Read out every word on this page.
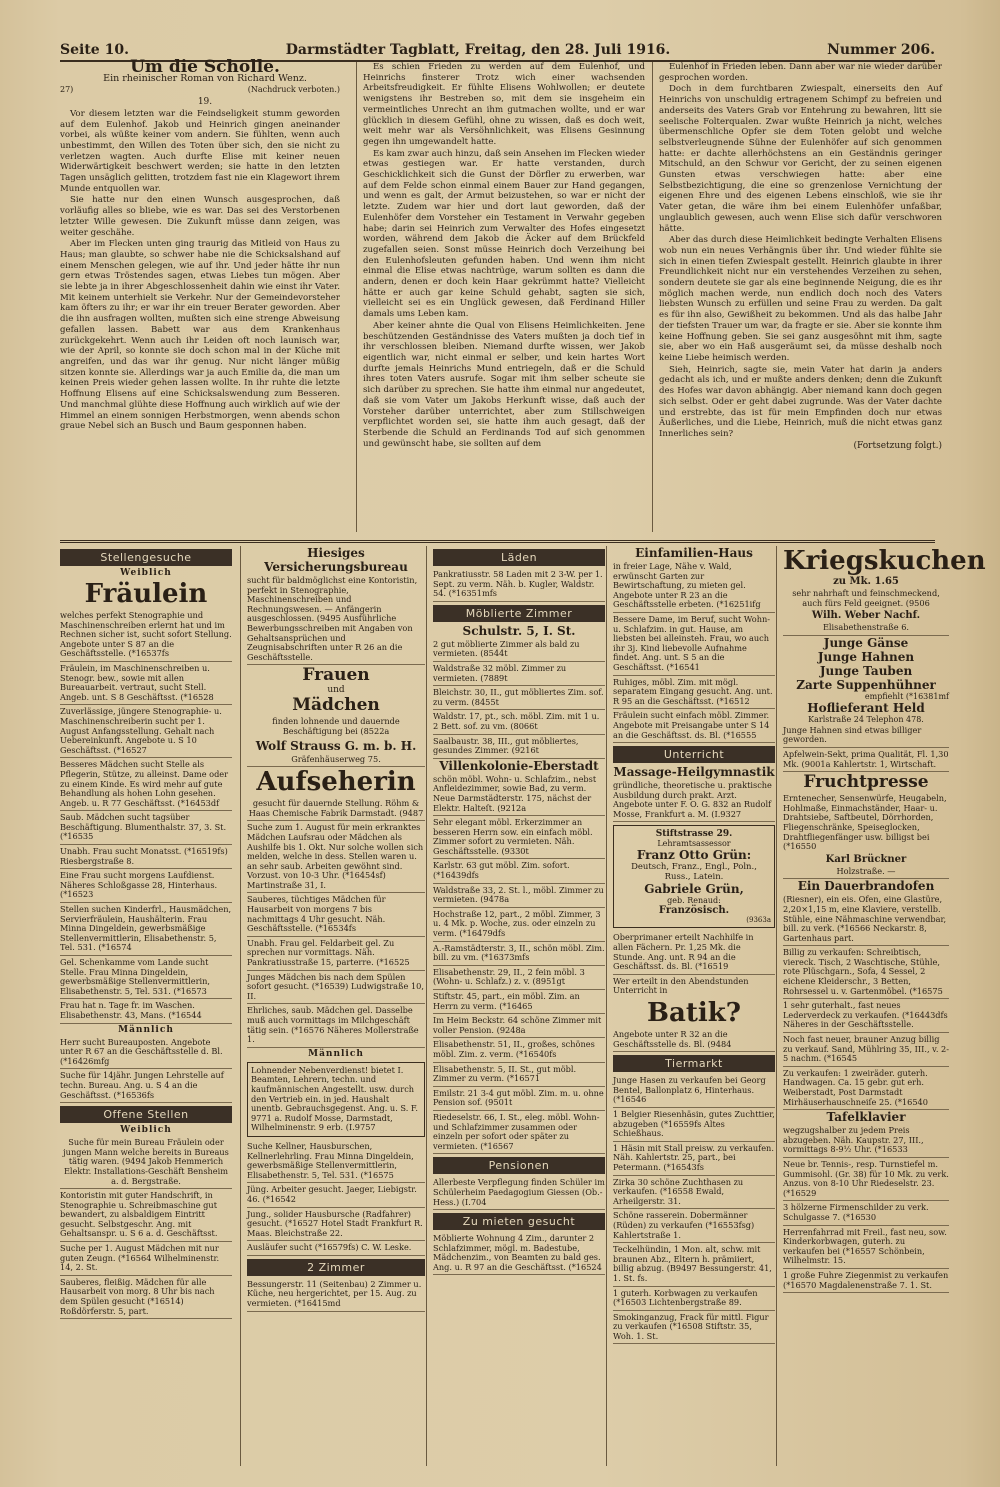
Seite 10.	Darmstädter Tagblatt, Freitag, den 28. Juli 1916.	Nummer 206.

Um die Scholle.

Ein rheinischer Roman von Richard Wenz.

27)	(Nachdruck verboten.)

19.

Vor diesem letzten war die Feindseligkeit stumm geworden auf dem Eulenhof. Jakob und Heinrich gingen aneinander vorbei, als wüßte keiner vom andern. Sie fühlten, wenn auch unbestimmt, den Willen des Toten über sich, den sie nicht zu verletzen wagten. Auch durfte Elise mit keiner neuen Widerwärtigkeit beschwert werden; sie hatte in den letzten Tagen unsäglich gelitten, trotzdem fast nie ein Klagewort ihrem Munde entquollen war.

Sie hatte nur den einen Wunsch ausgesprochen, daß vorläufig alles so bliebe, wie es war. Das sei des Verstorbenen letzter Wille gewesen. Die Zukunft müsse dann zeigen, was weiter geschähe.

Aber im Flecken unten ging traurig das Mitleid von Haus zu Haus; man glaubte, so schwer habe nie die Schicksalshand auf einem Menschen gelegen, wie auf ihr. Und jeder hätte ihr nun gern etwas Tröstendes sagen, etwas Liebes tun mögen. Aber sie lebte ja in ihrer Abgeschlossenheit dahin wie einst ihr Vater. Mit keinem unterhielt sie Verkehr. Nur der Gemeindevorsteher kam öfters zu ihr; er war ihr ein treuer Berater geworden. Aber die ihn ausfragen wollten, mußten sich eine strenge Abweisung gefallen lassen. Babett war aus dem Krankenhaus zurückgekehrt. Wenn auch ihr Leiden oft noch launisch war, wie der April, so konnte sie doch schon mal in der Küche mit angreifen, und das war ihr genug. Nur nicht länger müßig sitzen konnte sie. Allerdings war ja auch Emilie da, die man um keinen Preis wieder gehen lassen wollte. In ihr ruhte die letzte Hoffnung Elisens auf eine Schicksalswendung zum Besseren. Und manchmal glühte diese Hoffnung auch wirklich auf wie der Himmel an einem sonnigen Herbstmorgen, wenn abends schon graue Nebel sich an Busch und Baum gesponnen haben.

Es schien Frieden zu werden auf dem Eulenhof, und Heinrichs finsterer Trotz wich einer wachsenden Arbeitsfreudigkeit. Er fühlte Elisens Wohlwollen; er deutete wenigstens ihr Bestreben so, mit dem sie insgeheim ein vermeintliches Unrecht an ihm gutmachen wollte, und er war glücklich in diesem Gefühl, ohne zu wissen, daß es doch weit, weit mehr war als Versöhnlichkeit, was Elisens Gesinnung gegen ihn umgewandelt hatte.

Es kam zwar auch hinzu, daß sein Ansehen im Flecken wieder etwas gestiegen war. Er hatte verstanden, durch Geschicklichkeit sich die Gunst der Dörfler zu erwerben, war auf dem Felde schon einmal einem Bauer zur Hand gegangen, und wenn es galt, der Armut beizustehen, so war er nicht der letzte. Zudem war hier und dort laut geworden, daß der Eulenhöfer dem Vorsteher ein Testament in Verwahr gegeben habe; darin sei Heinrich zum Verwalter des Hofes eingesetzt worden, während dem Jakob die Äcker auf dem Brückfeld zugefallen seien. Sonst müsse Heinrich doch Verzeihung bei den Eulenhofsleuten gefunden haben. Und wenn ihm nicht einmal die Elise etwas nachtrüge, warum sollten es dann die andern, denen er doch kein Haar gekrümmt hatte? Vielleicht hätte er auch gar keine Schuld gehabt, sagten sie sich, vielleicht sei es ein Unglück gewesen, daß Ferdinand Hiller damals ums Leben kam.

Aber keiner ahnte die Qual von Elisens Heimlichkeiten. Jene beschützenden Geständnisse des Vaters mußten ja doch tief in ihr verschlossen bleiben. Niemand durfte wissen, wer Jakob eigentlich war, nicht einmal er selber, und kein hartes Wort durfte jemals Heinrichs Mund entriegeln, daß er die Schuld ihres toten Vaters ausrufe. Sogar mit ihm selber scheute sie sich darüber zu sprechen. Sie hatte ihm einmal nur angedeutet, daß sie vom Vater um Jakobs Herkunft wisse, daß auch der Vorsteher darüber unterrichtet, aber zum Stillschweigen verpflichtet worden sei, sie hatte ihm auch gesagt, daß der Sterbende die Schuld an Ferdinands Tod auf sich genommen und gewünscht habe, sie sollten auf dem

Eulenhof in Frieden leben. Dann aber war nie wieder darüber gesprochen worden.

Doch in dem furchtbaren Zwiespalt, einerseits den Auf Heinrichs von unschuldig ertragenem Schimpf zu befreien und anderseits des Vaters Grab vor Entehrung zu bewahren, litt sie seelische Folterqualen. Zwar wußte Heinrich ja nicht, welches übermenschliche Opfer sie dem Toten gelobt und welche selbstverleugnende Sühne der Eulenhöfer auf sich genommen hatte: er dachte allerhöchstens an ein Geständnis geringer Mitschuld, an den Schwur vor Gericht, der zu seinen eigenen Gunsten etwas verschwiegen hatte: aber eine Selbstbezichtigung, die eine so grenzenlose Vernichtung der eigenen Ehre und des eigenen Lebens einschloß, wie sie ihr Vater getan, die wäre ihm bei einem Eulenhöfer unfaßbar, unglaublich gewesen, auch wenn Elise sich dafür verschworen hätte.

Aber das durch diese Heimlichkeit bedingte Verhalten Elisens wob nun ein neues Verhängnis über ihr. Und wieder fühlte sie sich in einen tiefen Zwiespalt gestellt. Heinrich glaubte in ihrer Freundlichkeit nicht nur ein verstehendes Verzeihen zu sehen, sondern deutete sie gar als eine beginnende Neigung, die es ihr möglich machen werde, nun endlich doch noch des Vaters liebsten Wunsch zu erfüllen und seine Frau zu werden. Da galt es für ihn also, Gewißheit zu bekommen. Und als das halbe Jahr der tiefsten Trauer um war, da fragte er sie. Aber sie konnte ihm keine Hoffnung geben. Sie sei ganz ausgesöhnt mit ihm, sagte sie, aber wo ein Haß ausgeräumt sei, da müsse deshalb noch keine Liebe heimisch werden.

Sieh, Heinrich, sagte sie, mein Vater hat darin ja anders gedacht als ich, und er mußte anders denken; denn die Zukunft des Hofes war davon abhängig. Aber niemand kann doch gegen sich selbst. Oder er geht dabei zugrunde. Was der Vater dachte und erstrebte, das ist für mein Empfinden doch nur etwas Äußerliches, und die Liebe, Heinrich, muß die nicht etwas ganz Innerliches sein?

(Fortsetzung folgt.)
Stellengesuche
Weiblich

Fräulein

welches perfekt Stenographie und Maschinenschreiben erlernt hat und im Rechnen sicher ist, sucht sofort Stellung. Angebote unter S 87 an die Geschäftsstelle. (*16537fs

Fräulein, im Maschinenschreiben u. Stenogr. bew., sowie mit allen Bureauarbeit. vertraut, sucht Stell. Angeb. unt. S 8 Geschäftsst. (*16528

Zuverlässige, jüngere Stenographie- u. Maschinenschreiberin sucht per 1. August Anfangsstellung. Gehalt nach Uebereinkunft. Angebote u. S 10 Geschäftsst. (*16527

Besseres Mädchen sucht Stelle als Pflegerin, Stütze, zu alleinst. Dame oder zu einem Kinde. Es wird mehr auf gute Behandlung als hohen Lohn gesehen. Angeb. u. R 77 Geschäftsst. (*16453df

Saub. Mädchen sucht tagsüber Beschäftigung. Blumenthalstr. 37, 3. St. (*16535

Unabh. Frau sucht Monatsst. (*16519fs) Riesbergstraße 8.

Eine Frau sucht morgens Laufdienst. Näheres Schloßgasse 28, Hinterhaus. (*16523

Stellen suchen Kinderfrl., Hausmädchen, Servierfräulein, Haushälterin. Frau Minna Dingeldein, gewerbsmäßige Stellenvermittlerin, Elisabethenstr. 5, Tel. 531. (*16574

Gel. Schenkamme vom Lande sucht Stelle. Frau Minna Dingeldein, gewerbsmäßige Stellenvermittlerin, Elisabethenstr. 5, Tel. 531. (*16573

Frau hat n. Tage fr. im Waschen. Elisabethenstr. 43, Mans. (*16544

Männlich

Herr sucht Bureauposten. Angebote unter R 67 an die Geschäftsstelle d. Bl. (*16426mfg

Suche für 14jähr. Jungen Lehrstelle auf techn. Bureau. Ang. u. S 4 an die Geschäftsst. (*16536fs

Offene Stellen
Weiblich

Suche für mein Bureau Fräulein oder jungen Mann welche bereits in Bureaus tätig waren. (9494 Jakob Hemmerich Elektr. Installations-Geschäft Bensheim a. d. Bergstraße.

Kontoristin mit guter Handschrift, in Stenographie u. Schreibmaschine gut bewandert, zu alsbaldigem Eintritt gesucht. Selbstgeschr. Ang. mit Gehaltsanspr. u. S 6 a. d. Geschäftsst.

Suche per 1. August Mädchen mit nur guten Zeugn. (*16564 Wilhelminenstr. 14, 2. St.

Sauberes, fleißig. Mädchen für alle Hausarbeit von morg. 8 Uhr bis nach dem Spülen gesucht (*16514) Roßdörferstr. 5, part.

Hiesiges Versicherungsbureau

sucht für baldmöglichst eine Kontoristin, perfekt in Stenographie, Maschinenschreiben und Rechnungswesen. — Anfängerin ausgeschlossen. (9495 Ausführliche Bewerbungsschreiben mit Angaben von Gehaltsansprüchen und Zeugnisabschriften unter R 26 an die Geschäftsstelle.

Frauen

und

Mädchen

finden lohnende und dauernde Beschäftigung bei (8522a

Wolf Strauss G. m. b. H.

Gräfenhäuserweg 75.

Aufseherin

gesucht für dauernde Stellung. Röhm & Haas Chemische Fabrik Darmstadt. (9487

Suche zum 1. August für mein erkranktes Mädchen Laufsrau oder Mädchen als Aushilfe bis 1. Okt. Nur solche wollen sich melden, welche in dess. Stellen waren u. an sehr saub. Arbeiten gewöhnt sind. Vorzust. von 10-3 Uhr. (*16454sf) Martinstraße 31, I.

Sauberes, tüchtiges Mädchen für Hausarbeit von morgens 7 bis nachmittags 4 Uhr gesucht. Näh. Geschäftsstelle. (*16534fs

Unabh. Frau gel. Feldarbeit gel. Zu sprechen nur vormittags. Näh. Pankratiusstraße 15, parterre. (*16525

Junges Mädchen bis nach dem Spülen sofort gesucht. (*16539) Ludwigstraße 10, II.

Ehrliches, saub. Mädchen gel. Dasselbe muß auch vormittags im Milchgeschäft tätig sein. (*16576 Näheres Mollerstraße 1.

Männlich
Lohnender Nebenverdienst! bietet I. Beamten, Lehrern, techn. und kaufmännischen Angestellt. usw. durch den Vertrieb ein. in jed. Haushalt unentb. Gebrauchsgegenst. Ang. u. S. F. 9771 a. Rudolf Mosse, Darmstadt, Wilhelminenstr. 9 erb. (I.9757

Suche Kellner, Hausburschen, Kellnerlehrling. Frau Minna Dingeldein, gewerbsmäßige Stellenvermittlerin, Elisabethenstr. 5, Tel. 531. (*16575

Jüng. Arbeiter gesucht. Jaeger, Liebigstr. 46. (*16542

Jung., solider Hausbursche (Radfahrer) gesucht. (*16527 Hotel Stadt Frankfurt R. Maas. Bleichstraße 22.

Ausläufer sucht (*16579fs) C. W. Leske.

2 Zimmer

Bessungerstr. 11 (Seitenbau) 2 Zimmer u. Küche, neu hergerichtet, per 15. Aug. zu vermieten. (*16415md

Läden

Pankratiusstr. 58 Laden mit 2 3-W. per 1. Sept. zu verm. Näh. b. Kugler, Waldstr. 54. (*16351mfs

Möblierte Zimmer

Schulstr. 5, I. St.

2 gut möblierte Zimmer als bald zu vermieten. (8544t

Waldstraße 32 möbl. Zimmer zu vermieten. (7889t

Bleichstr. 30, II., gut möbliertes Zim. sof. zu verm. (8455t

Waldstr. 17, pt., sch. möbl. Zim. mit 1 u. 2 Bett. sof. zu vm. (8066t

Saalbaustr. 38, III., gut möbliertes, gesundes Zimmer. (9216t

Villenkolonie-Eberstadt

schön möbl. Wohn- u. Schlafzim., nebst Anfleidezimmer, sowie Bad, zu verm. Neue Darmstädterstr. 175, nächst der Elektr. Halteſt. (9212a

Sehr elegant möbl. Erkerzimmer an besseren Herrn sow. ein einfach möbl. Zimmer sofort zu vermieten. Näh. Geschäftsstelle. (9330t

Karlstr. 63 gut möbl. Zim. sofort. (*16439dfs

Waldstraße 33, 2. St. l., möbl. Zimmer zu vermieten. (9478a

Hochstraße 12, part., 2 möbl. Zimmer, 3 u. 4 Mk. p. Woche, zus. oder einzeln zu verm. (*16479dfs

A.-Ramstädterstr. 3, II., schön möbl. Zim. bill. zu vm. (*16373mfs

Elisabethenstr. 29, II., 2 fein möbl. 3 (Wohn- u. Schlafz.) z. v. (8951gt

Stiftstr. 45, part., ein möbl. Zim. an Herrn zu verm. (*16465

Im Heim Beckstr. 64 schöne Zimmer mit voller Pension. (9248a

Elisabethenstr. 51, II., großes, schönes möbl. Zim. z. verm. (*16540fs

Elisabethenstr. 5, II. St., gut möbl. Zimmer zu verm. (*16571

Emilstr. 21 3-4 gut möbl. Zim. m. u. ohne Pension sof. (9501t

Riedeselstr. 66, I. St., eleg. möbl. Wohn- und Schlafzimmer zusammen oder einzeln per sofort oder später zu vermieten. (*16567

Pensionen

Allerbeste Verpflegung finden Schüler im Schülerheim Paedagogium Giessen (Ob.-Hess.) (I.704

Zu mieten gesucht

Möblierte Wohnung 4 Zim., darunter 2 Schlafzimmer, mögl. m. Badestube, Mädchenzim., von Beamten zu bald ges. Ang. u. R 97 an die Geschäftsst. (*16524

Einfamilien-Haus

in freier Lage, Nähe v. Wald, erwünscht Garten zur Bewirtschaftung, zu mieten gel. Angebote unter R 23 an die Geschäftsstelle erbeten. (*16251ifg

Bessere Dame, im Beruf, sucht Wohn- u. Schlafzim. in gut. Hause, am liebsten bei alleinsteh. Frau, wo auch ihr 3j. Kind liebevolle Aufnahme findet. Ang. unt. S 5 an die Geschäftsst. (*16541

Ruhiges, möbl. Zim. mit mögl. separatem Eingang gesucht. Ang. unt. R 95 an die Geschäftsst. (*16512

Fräulein sucht einfach möbl. Zimmer. Angebote mit Preisangabe unter S 14 an die Geschäftsst. ds. Bl. (*16555

Unterricht

Massage-Heilgymnastik

gründliche, theoretische u. praktische Ausbildung durch prakt. Arzt. Angebote unter F. O. G. 832 an Rudolf Mosse, Frankfurt a. M. (I.9327

Stiftstrasse 29.
Lehramtsassessor
Franz Otto Grün:
Deutsch, Franz., Engl., Poln., Russ., Latein.
Gabriele Grün,
geb. Renaud:
Französisch.
(9363a

Oberprimaner erteilt Nachhilfe in allen Fächern. Pr. 1,25 Mk. die Stunde. Ang. unt. R 94 an die Geschäftsst. ds. Bl. (*16519

Wer erteilt in den Abendstunden Unterricht in

Batik?

Angebote unter R 32 an die Geschäftsstelle ds. Bl. (9484

Tiermarkt

Junge Hasen zu verkaufen bei Georg Bentel, Ballonplatz 6, Hinterhaus. (*16546

1 Belgier Riesenhäsin, gutes Zuchttier, abzugeben (*16559fs Altes Schießhaus.

1 Häsin mit Stall preisw. zu verkaufen. Näh. Kahlertstr. 25, part., bei Petermann. (*16543fs

Zirka 30 schöne Zuchthasen zu verkaufen. (*16558 Ewald, Arheilgerstr. 31.

Schöne rasserein. Dobermänner (Rüden) zu verkaufen (*16553fsg) Kahlertstraße 1.

Teckelhündin, 1 Mon. alt, schw. mit braunen Abz., Eltern h. prämiiert, billig abzug. (B9497 Bessungerstr. 41, 1. St. fs.

1 guterh. Korbwagen zu verkaufen (*16503 Lichtenbergstraße 89.

Smokinganzug, Frack für mittl. Figur zu verkaufen (*16508 Stiftstr. 35, Woh. 1. St.

Kriegskuchen

zu Mk. 1.65

sehr nahrhaft und feinschmeckend, auch fürs Feld geeignet. (9506

Wilh. Weber Nachf.

Elisabethenstraße 6.

Junge Gänse

Junge Hahnen

Junge Tauben

Zarte Suppenhühner

empfiehlt (*16381mf

Hoflieferant Held

Karlstraße 24 Telephon 478.

Junge Hahnen sind etwas billiger geworden.

Apfelwein-Sekt, prima Qualität, Fl. 1,30 Mk. (9001a Kahlertstr. 1, Wirtschaft.

Fruchtpresse

Erntenecher, Sensenwürfe, Heugabeln, Hohlmaße, Einmachständer, Haar- u. Drahtsiebe, Saftbeutel, Dörrhorden, Fliegenschränke, Speiseglocken, Drahtfliegenfänger usw. billigst bei (*16550

Karl Brückner

Holzstraße. —

Ein Dauerbrandofen

(Riesner), ein eis. Ofen, eine Glastüre, 2,20×1,15 m, eine Klaviere, verstellb. Stühle, eine Nähmaschine verwendbar, bill. zu verk. (*16566 Neckarstr. 8, Gartenhaus part.

Billig zu verkaufen: Schreibtisch, viereck. Tisch, 2 Waschtische, Stühle, rote Plüschgarn., Sofa, 4 Sessel, 2 eichene Kleiderschr., 3 Betten, Rohrsessel u. v. Gartenmöbel. (*16575

1 sehr guterhalt., fast neues Lederverdeck zu verkaufen. (*16443dfs Näheres in der Geschäftsstelle.

Noch fast neuer, brauner Anzug billig zu verkauf. Sand, Mühlring 35, III., v. 2-5 nachm. (*16545

Zu verkaufen: 1 zweiräder. guterh. Handwagen. Ca. 15 gebr. gut erh. Weiberstadt, Post Darmstadt Mirhäuserhauschneiſe 25. (*16540

Tafelklavier

wegzugshalber zu jedem Preis abzugeben. Näh. Kaupstr. 27, III., vormittags 8-9½ Uhr. (*16533

Neue br. Tennis-, resp. Turnstiefel m. Gummisohl. (Gr. 38) für 10 Mk. zu verk. Anzus. von 8-10 Uhr Riedeselstr. 23. (*16529

3 hölzerne Firmenschilder zu verk. Schulgasse 7. (*16530

Herrenfahrrad mit Freil., fast neu, sow. Kinderkorbwagen, guterh. zu verkaufen bei (*16557 Schönbein, Wilhelmstr. 15.

1 große Fuhre Ziegenmist zu verkaufen (*16570 Magdalenenstraße 7. 1. St.
